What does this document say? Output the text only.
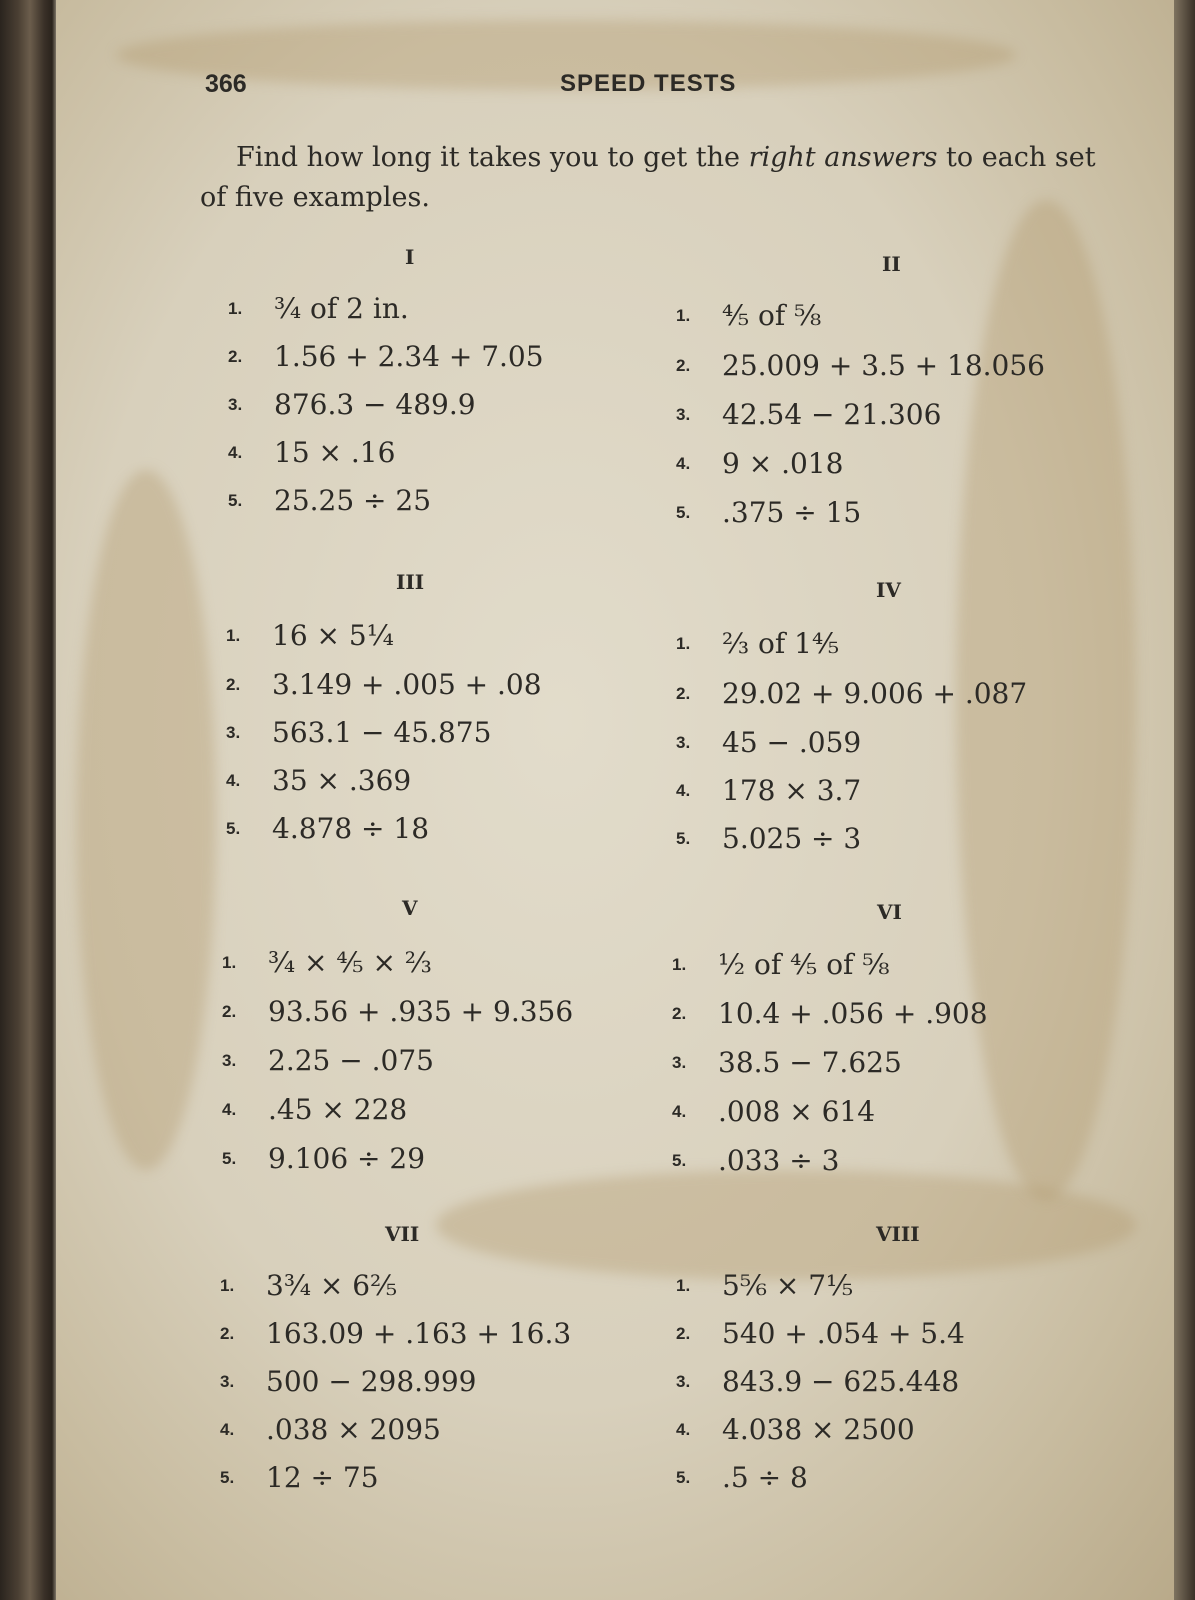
366	SPEED TESTS
Find how long it takes you to get the right answers to each set of five examples.
I
1. ¾ of 2 in.
2. 1.56 + 2.34 + 7.05
3. 876.3 − 489.9
4. 15 × .16
5. 25.25 ÷ 25
II
1. ⅘ of ⅝
2. 25.009 + 3.5 + 18.056
3. 42.54 − 21.306
4. 9 × .018
5. .375 ÷ 15
III
1. 16 × 5¼
2. 3.149 + .005 + .08
3. 563.1 − 45.875
4. 35 × .369
5. 4.878 ÷ 18
IV
1. ⅔ of 1⅘
2. 29.02 + 9.006 + .087
3. 45 − .059
4. 178 × 3.7
5. 5.025 ÷ 3
V
1. ¾ × ⅘ × ⅔
2. 93.56 + .935 + 9.356
3. 2.25 − .075
4. .45 × 228
5. 9.106 ÷ 29
VI
1. ½ of ⅘ of ⅝
2. 10.4 + .056 + .908
3. 38.5 − 7.625
4. .008 × 614
5. .033 ÷ 3
VII
1. 3¾ × 6⅖
2. 163.09 + .163 + 16.3
3. 500 − 298.999
4. .038 × 2095
5. 12 ÷ 75
VIII
1. 5⅚ × 7⅕
2. 540 + .054 + 5.4
3. 843.9 − 625.448
4. 4.038 × 2500
5. .5 ÷ 8
